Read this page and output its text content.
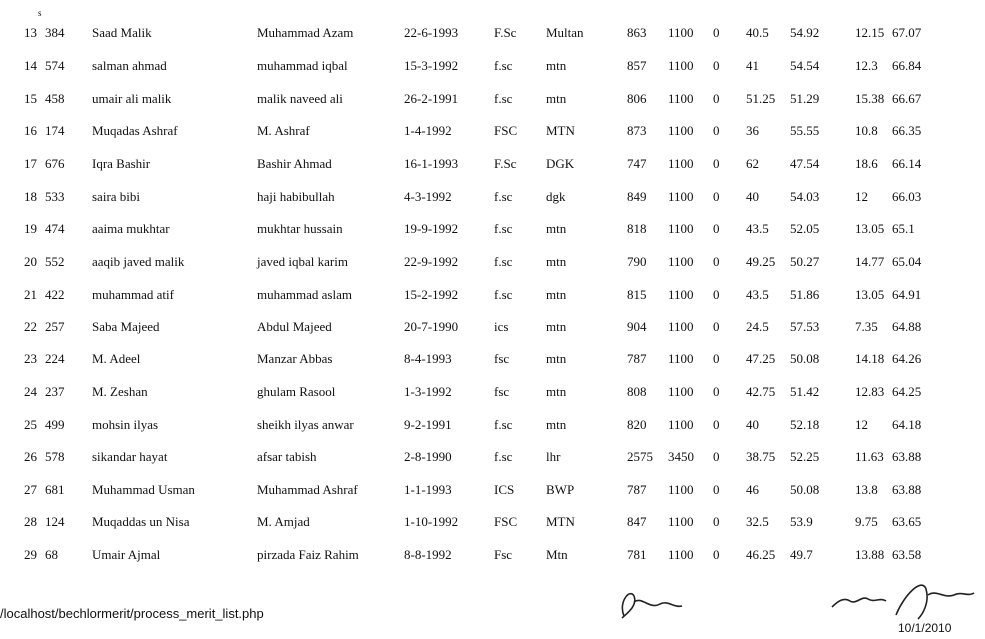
s
13 384 Saad Malik	Muhammad Azam	22-6-1993	F.Sc Multan	863 1100 0 40.5 54.92	12.15 67.07
14 574 salman ahmad	muhammad iqbal	15-3-1992	f.sc	mtn	857 1100 0 41 54.54	12.3 66.84
15 458 umair ali malik	malik naveed ali	26-2-1991	f.sc	mtn	806 1100 0 51.25 51.29	15.38 66.67
16 174 Muqadas Ashraf	M. Ashraf	1-4-1992	FSC MTN	873 1100 0 36 55.55	10.8 66.35
17 676 Iqra Bashir	Bashir Ahmad	16-1-1993	F.Sc DGK	747 1100 0 62 47.54	18.6 66.14
18 533 saira bibi	haji habibullah	4-3-1992	f.sc	dgk	849 1100 0 40 54.03	12 66.03
19 474 aaima mukhtar	mukhtar hussain	19-9-1992	f.sc	mtn	818 1100 0 43.5 52.05	13.05 65.1
20 552 aaqib javed malik	javed iqbal karim	22-9-1992	f.sc	mtn	790 1100 0 49.25 50.27	14.77 65.04
21 422 muhammad atif	muhammad aslam	15-2-1992	f.sc	mtn	815 1100 0 43.5 51.86	13.05 64.91
22 257 Saba Majeed	Abdul Majeed	20-7-1990	ics	mtn	904 1100 0 24.5 57.53	7.35 64.88
23 224 M. Adeel	Manzar Abbas	8-4-1993	fsc	mtn	787 1100 0 47.25 50.08	14.18 64.26
24 237 M. Zeshan	ghulam Rasool	1-3-1992	fsc	mtn	808 1100 0 42.75 51.42	12.83 64.25
25 499 mohsin ilyas	sheikh ilyas anwar	9-2-1991	f.sc	mtn	820 1100 0 40 52.18	12 64.18
26 578 sikandar hayat	afsar tabish	2-8-1990	f.sc	lhr	2575 3450 0 38.75 52.25	11.63 63.88
27 681 Muhammad Usman	Muhammad Ashraf	1-1-1993	ICS BWP	787 1100 0 46 50.08	13.8 63.88
28 124 Muqaddas un Nisa	M. Amjad	1-10-1992	FSC MTN	847 1100 0 32.5 53.9	9.75 63.65
29 68	Umair Ajmal	pirzada Faiz Rahim	8-8-1992	Fsc	Mtn	781 1100 0 46.25 49.7	13.88 63.58
/localhost/bechlormerit/process_merit_list.php
10/1/2010
